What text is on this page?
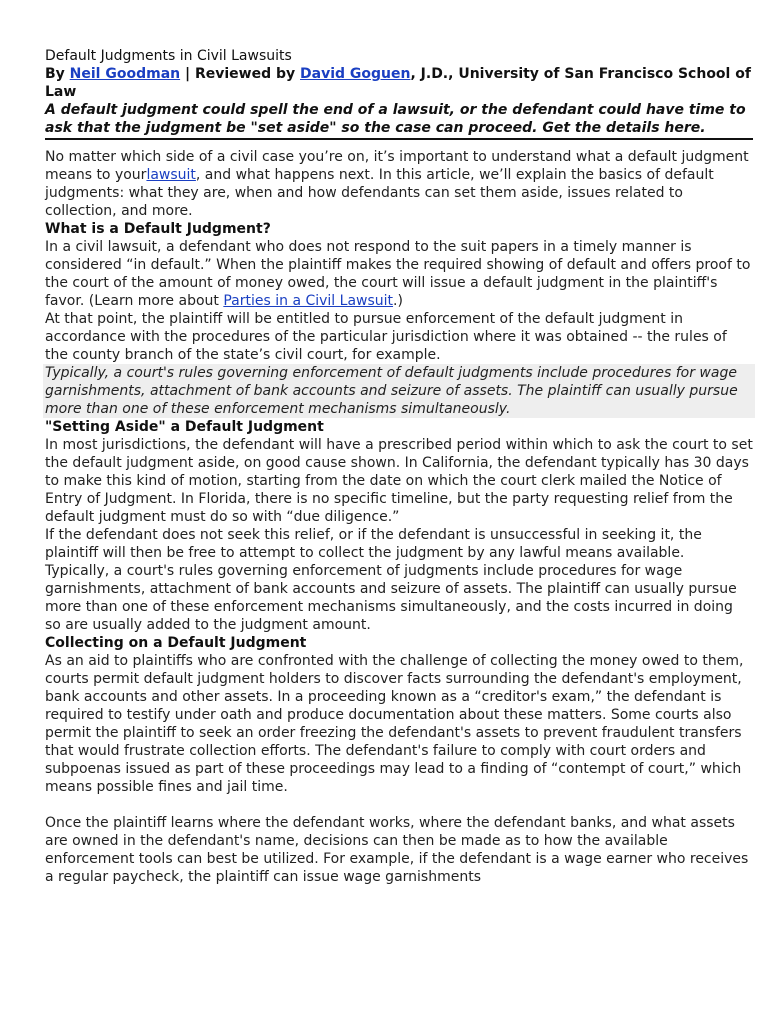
Default Judgments in Civil Lawsuits
By Neil Goodman | Reviewed by David Goguen, J.D., University of San Francisco School of Law
A default judgment could spell the end of a lawsuit, or the defendant could have time to ask that the judgment be "set aside" so the case can proceed. Get the details here.

No matter which side of a civil case you’re on, it’s important to understand what a default judgment means to yourlawsuit, and what happens next. In this article, we’ll explain the basics of default judgments: what they are, when and how defendants can set them aside, issues related to collection, and more.

What is a Default Judgment?

In a civil lawsuit, a defendant who does not respond to the suit papers in a timely manner is considered “in default.” When the plaintiff makes the required showing of default and offers proof to the court of the amount of money owed, the court will issue a default judgment in the plaintiff's favor. (Learn more about Parties in a Civil Lawsuit.)

At that point, the plaintiff will be entitled to pursue enforcement of the default judgment in accordance with the procedures of the particular jurisdiction where it was obtained -- the rules of the county branch of the state’s civil court, for example.

Typically, a court's rules governing enforcement of default judgments include procedures for wage garnishments, attachment of bank accounts and seizure of assets. The plaintiff can usually pursue more than one of these enforcement mechanisms simultaneously.

"Setting Aside" a Default Judgment

In most jurisdictions, the defendant will have a prescribed period within which to ask the court to set the default judgment aside, on good cause shown. In California, the defendant typically has 30 days to make this kind of motion, starting from the date on which the court clerk mailed the Notice of Entry of Judgment. In Florida, there is no specific timeline, but the party requesting relief from the default judgment must do so with “due diligence.”

If the defendant does not seek this relief, or if the defendant is unsuccessful in seeking it, the plaintiff will then be free to attempt to collect the judgment by any lawful means available. Typically, a court's rules governing enforcement of judgments include procedures for wage garnishments, attachment of bank accounts and seizure of assets. The plaintiff can usually pursue more than one of these enforcement mechanisms simultaneously, and the costs incurred in doing so are usually added to the judgment amount.

Collecting on a Default Judgment

As an aid to plaintiffs who are confronted with the challenge of collecting the money owed to them, courts permit default judgment holders to discover facts surrounding the defendant's employment, bank accounts and other assets. In a proceeding known as a “creditor's exam,” the defendant is required to testify under oath and produce documentation about these matters. Some courts also permit the plaintiff to seek an order freezing the defendant's assets to prevent fraudulent transfers that would frustrate collection efforts. The defendant's failure to comply with court orders and subpoenas issued as part of these proceedings may lead to a finding of “contempt of court,” which means possible fines and jail time.

Once the plaintiff learns where the defendant works, where the defendant banks, and what assets are owned in the defendant's name, decisions can then be made as to how the available enforcement tools can best be utilized. For example, if the defendant is a wage earner who receives a regular paycheck, the plaintiff can issue wage garnishments
